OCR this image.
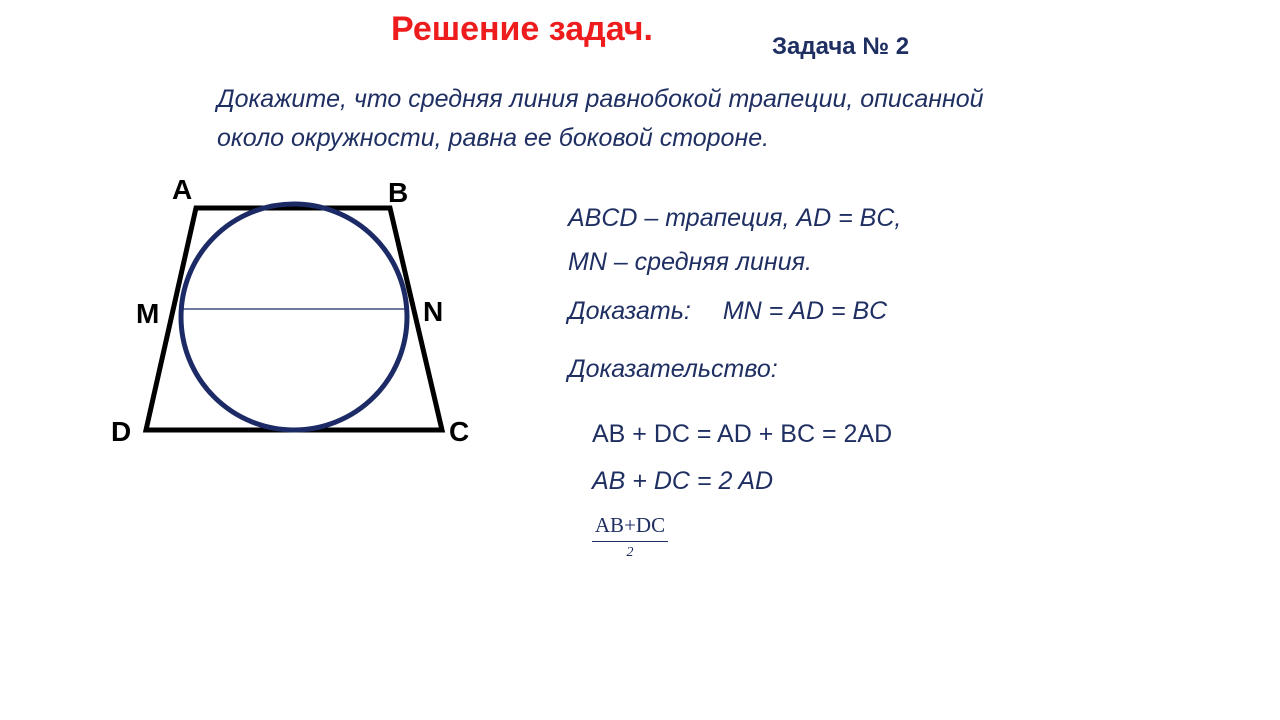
Решение задач.	Задача № 2
Докажите, что средняя линия равнобокой трапеции, описанной
около окружности, равна ее боковой стороне.
A	B
C
D
M	N
ABCD – трапеция, AD = BC,
MN – средняя линия.
Доказать: MN = AD = BC
Доказательство:
AB + DC = AD + BC = 2AD
AB + DC = 2 AD
AB+DC
2
